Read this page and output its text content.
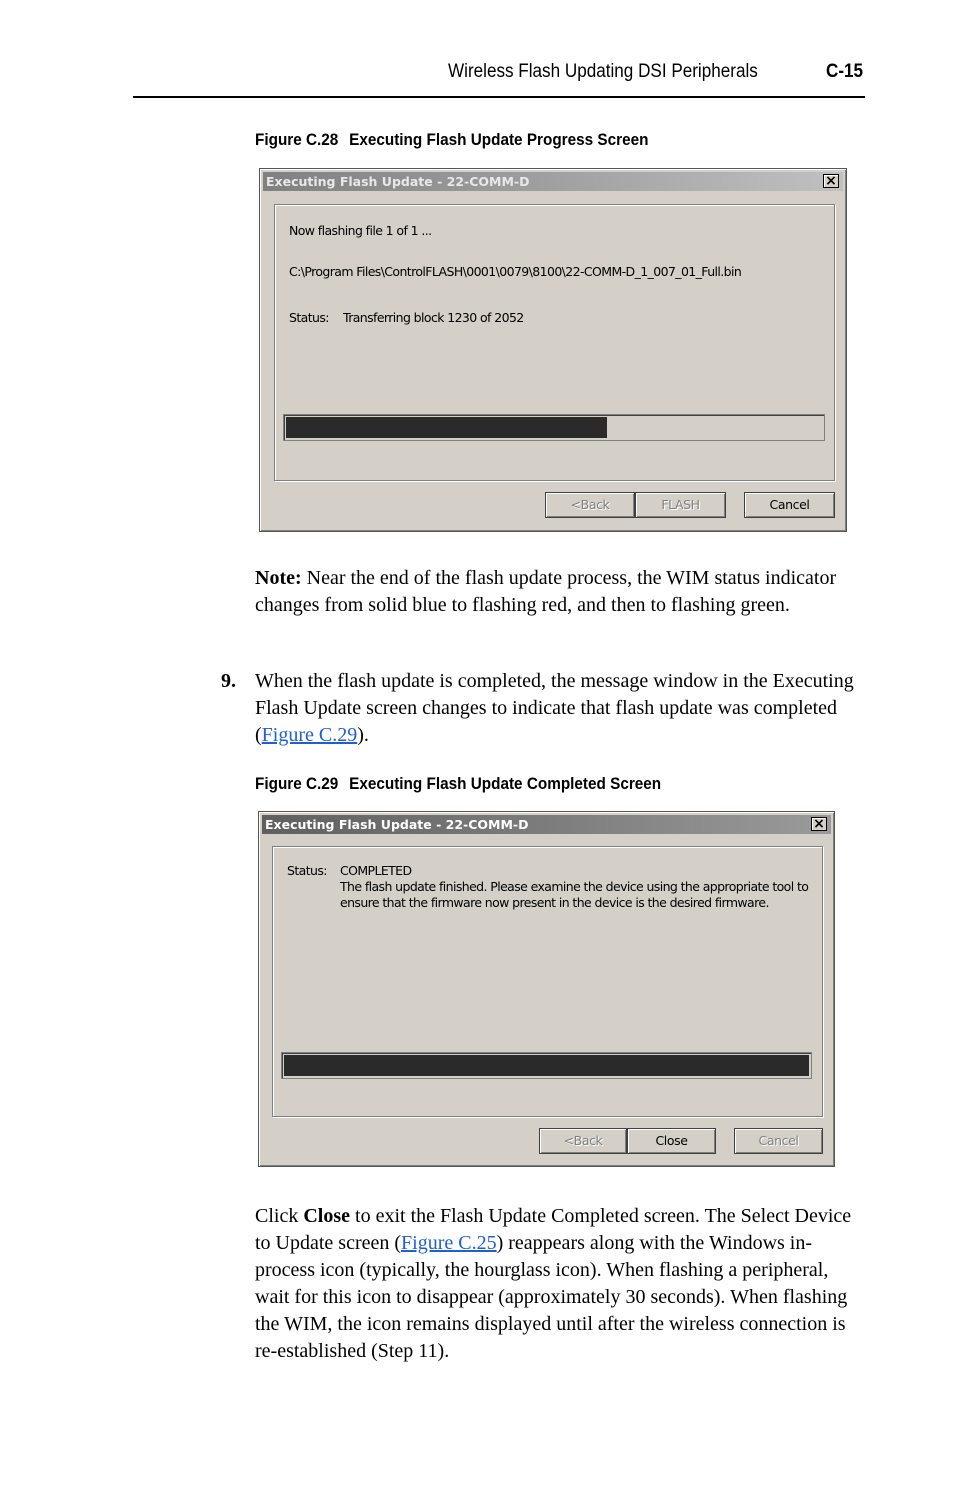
Wireless Flash Updating DSI Peripherals	C-15
Figure C.28 Executing Flash Update Progress Screen
Executing Flash Update - 22-COMM-D	×
Now flashing file 1 of 1 ...
C:\Program Files\ControlFLASH\0001\0079\8100\22-COMM-D_1_007_01_Full.bin
Status: Transferring block 1230 of 2052
<Back	FLASH	Cancel

Note: Near the end of the flash update process, the WIM status indicator changes from solid blue to flashing red, and then to flashing green.

9. When the flash update is completed, the message window in the Executing Flash Update screen changes to indicate that flash update was completed (Figure C.29).

Figure C.29 Executing Flash Update Completed Screen
Executing Flash Update - 22-COMM-D	×
Status: COMPLETED
The flash update finished. Please examine the device using the appropriate tool to
ensure that the firmware now present in the device is the desired firmware.
<Back	Close	Cancel

Click Close to exit the Flash Update Completed screen. The Select Device to Update screen (Figure C.25) reappears along with the Windows in-process icon (typically, the hourglass icon). When flashing a peripheral, wait for this icon to disappear (approximately 30 seconds). When flashing the WIM, the icon remains displayed until after the wireless connection is re-established (Step 11).
